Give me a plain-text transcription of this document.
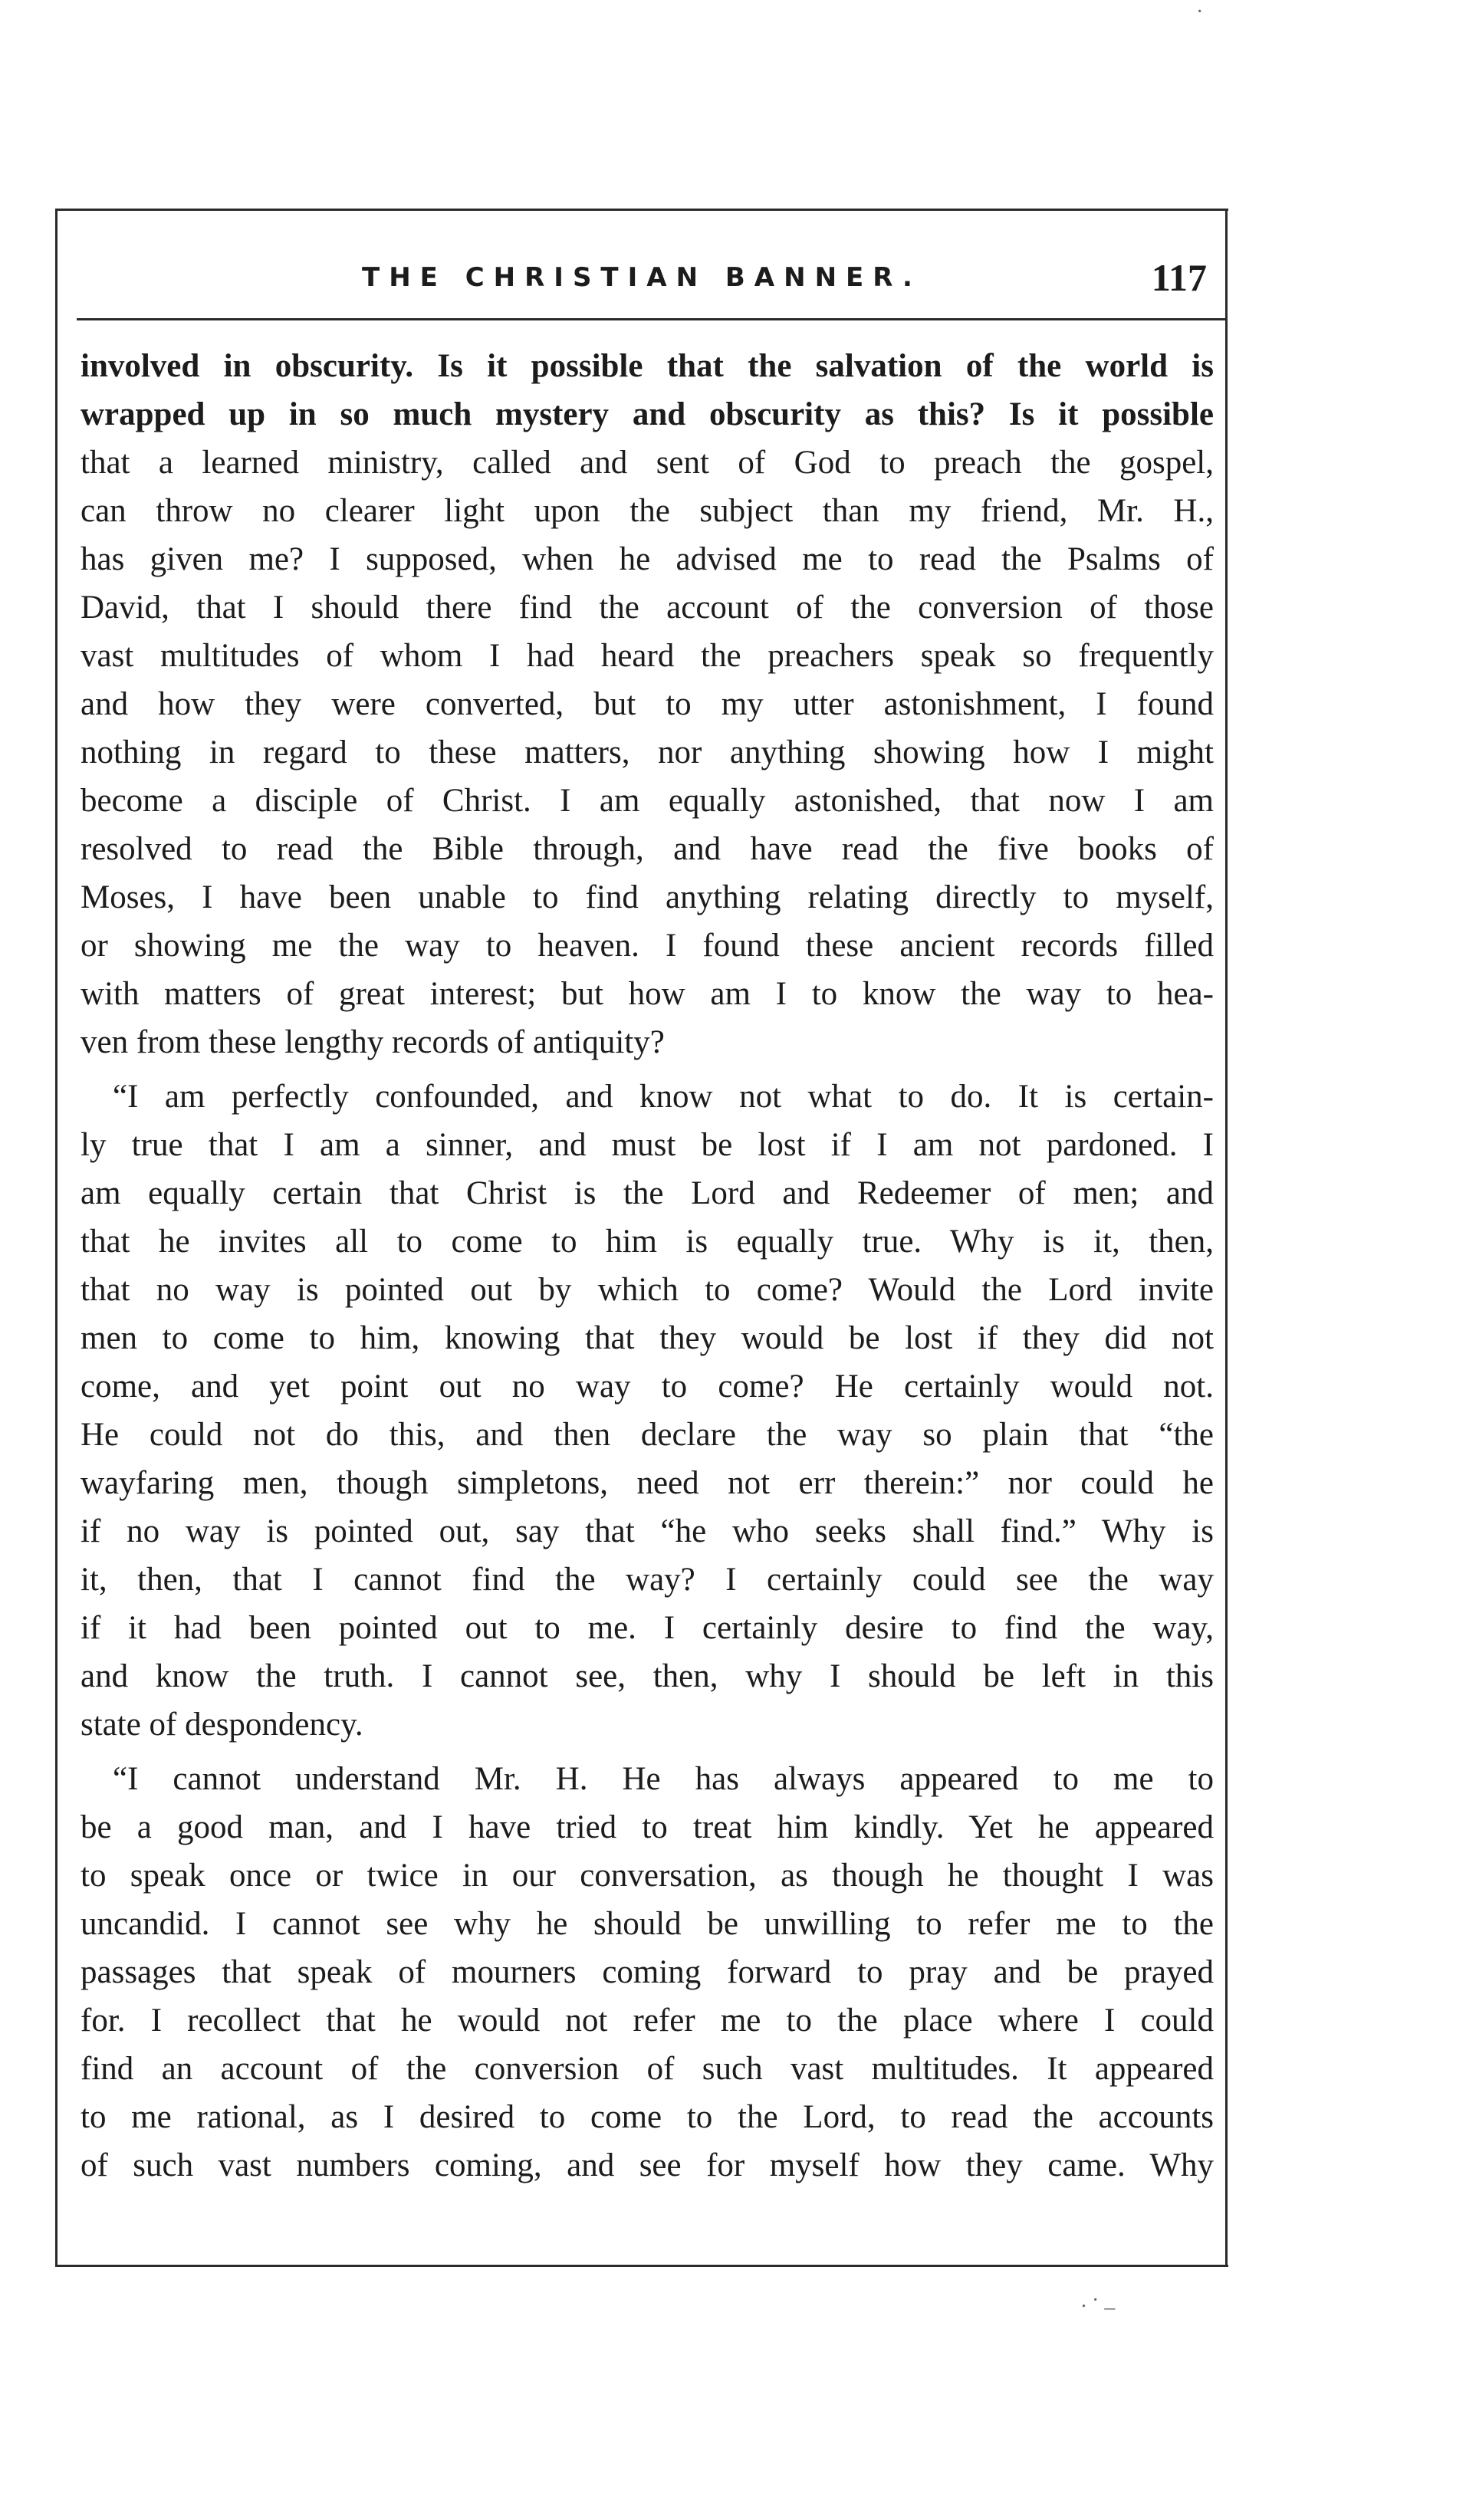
THE CHRISTIAN BANNER.	117
involved in obscurity. Is it possible that the salvation of the world is
wrapped up in so much mystery and obscurity as this? Is it possible
that a learned ministry, called and sent of God to preach the gospel,
can throw no clearer light upon the subject than my friend, Mr. H.,
has given me? I supposed, when he advised me to read the Psalms of
David, that I should there find the account of the conversion of those
vast multitudes of whom I had heard the preachers speak so frequently
and how they were converted, but to my utter astonishment, I found
nothing in regard to these matters, nor anything showing how I might
become a disciple of Christ. I am equally astonished, that now I am
resolved to read the Bible through, and have read the five books of
Moses, I have been unable to find anything relating directly to myself,
or showing me the way to heaven. I found these ancient records filled
with matters of great interest; but how am I to know the way to hea-
ven from these lengthy records of antiquity?
“I am perfectly confounded, and know not what to do. It is certain-
ly true that I am a sinner, and must be lost if I am not pardoned. I
am equally certain that Christ is the Lord and Redeemer of men; and
that he invites all to come to him is equally true. Why is it, then,
that no way is pointed out by which to come? Would the Lord invite
men to come to him, knowing that they would be lost if they did not
come, and yet point out no way to come? He certainly would not.
He could not do this, and then declare the way so plain that “the
wayfaring men, though simpletons, need not err therein:” nor could he
if no way is pointed out, say that “he who seeks shall find.” Why is
it, then, that I cannot find the way? I certainly could see the way
if it had been pointed out to me. I certainly desire to find the way,
and know the truth. I cannot see, then, why I should be left in this
state of despondency.
“I cannot understand Mr. H. He has always appeared to me to
be a good man, and I have tried to treat him kindly. Yet he appeared
to speak once or twice in our conversation, as though he thought I was
uncandid. I cannot see why he should be unwilling to refer me to the
passages that speak of mourners coming forward to pray and be prayed
for. I recollect that he would not refer me to the place where I could
find an account of the conversion of such vast multitudes. It appeared
to me rational, as I desired to come to the Lord, to read the accounts
of such vast numbers coming, and see for myself how they came. Why
. · _
·
